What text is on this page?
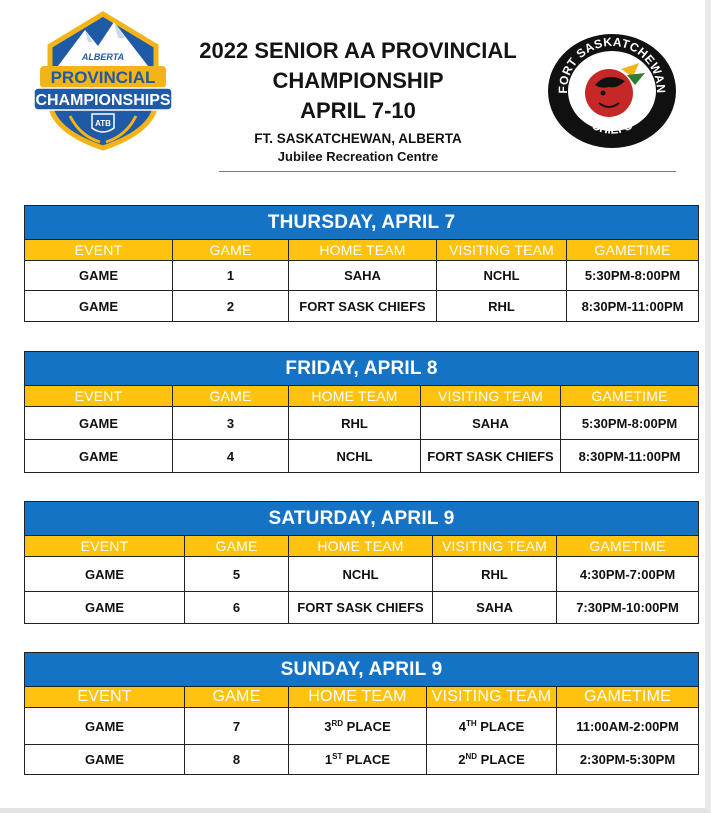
ALBERTA
PROVINCIAL
CHAMPIONSHIPS
ATB
2022 SENIOR AA PROVINCIAL
CHAMPIONSHIP
APRIL 7-10
FT. SASKATCHEWAN, ALBERTA
Jubilee Recreation Centre
FORT SASKATCHEWAN
CHIEFS
THURSDAY, APRIL 7				
EVENT	GAME	HOME TEAM	VISITING TEAM	GAMETIME
GAME	1	SAHA	NCHL	5:30PM-8:00PM
GAME	2	FORT SASK CHIEFS	RHL	8:30PM-11:00PM
FRIDAY, APRIL 8				
EVENT	GAME	HOME TEAM	VISITING TEAM	GAMETIME
GAME	3	RHL	SAHA	5:30PM-8:00PM
GAME	4	NCHL	FORT SASK CHIEFS	8:30PM-11:00PM
SATURDAY, APRIL 9				
EVENT	GAME	HOME TEAM	VISITING TEAM	GAMETIME
GAME	5	NCHL	RHL	4:30PM-7:00PM
GAME	6	FORT SASK CHIEFS	SAHA	7:30PM-10:00PM
SUNDAY, APRIL 9				
EVENT	GAME	HOME TEAM	VISITING TEAM	GAMETIME
GAME	7	3RD PLACE	4TH PLACE	11:00AM-2:00PM
GAME	8	1ST PLACE	2ND PLACE	2:30PM-5:30PM
